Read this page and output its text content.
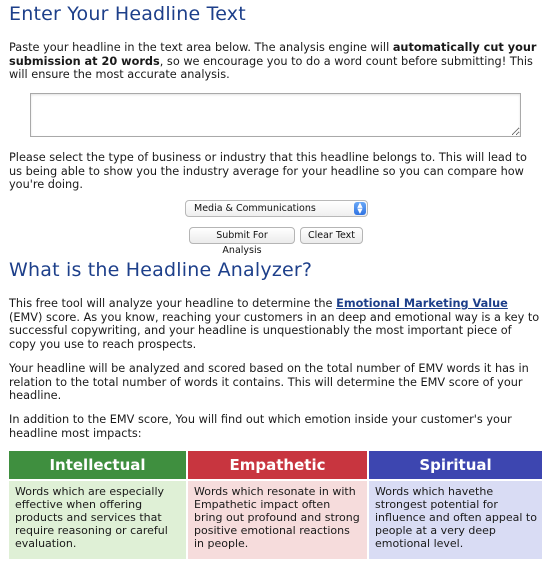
Enter Your Headline Text

Paste your headline in the text area below. The analysis engine will automatically cut your submission at 20 words, so we encourage you to do a word count before submitting! This will ensure the most accurate analysis.

Please select the type of business or industry that this headline belongs to. This will lead to us being able to show you the industry average for your headline so you can compare how you're doing.

Media & Communications	▲
▼
Submit For Analysis
Clear Text
What is the Headline Analyzer?

This free tool will analyze your headline to determine the Emotional Marketing Value (EMV) score. As you know, reaching your customers in an deep and emotional way is a key to successful copywriting, and your headline is unquestionably the most important piece of copy you use to reach prospects.

Your headline will be analyzed and scored based on the total number of EMV words it has in relation to the total number of words it contains. This will determine the EMV score of your headline.

In addition to the EMV score, You will find out which emotion inside your customer's your headline most impacts:

Intellectual
Words which are especially effective when offering products and services that require reasoning or careful evaluation.
Empathetic
Words which resonate in with Empathetic impact often bring out profound and strong positive emotional reactions in people.
Spiritual
Words which havethe strongest potential for influence and often appeal to people at a very deep emotional level.
